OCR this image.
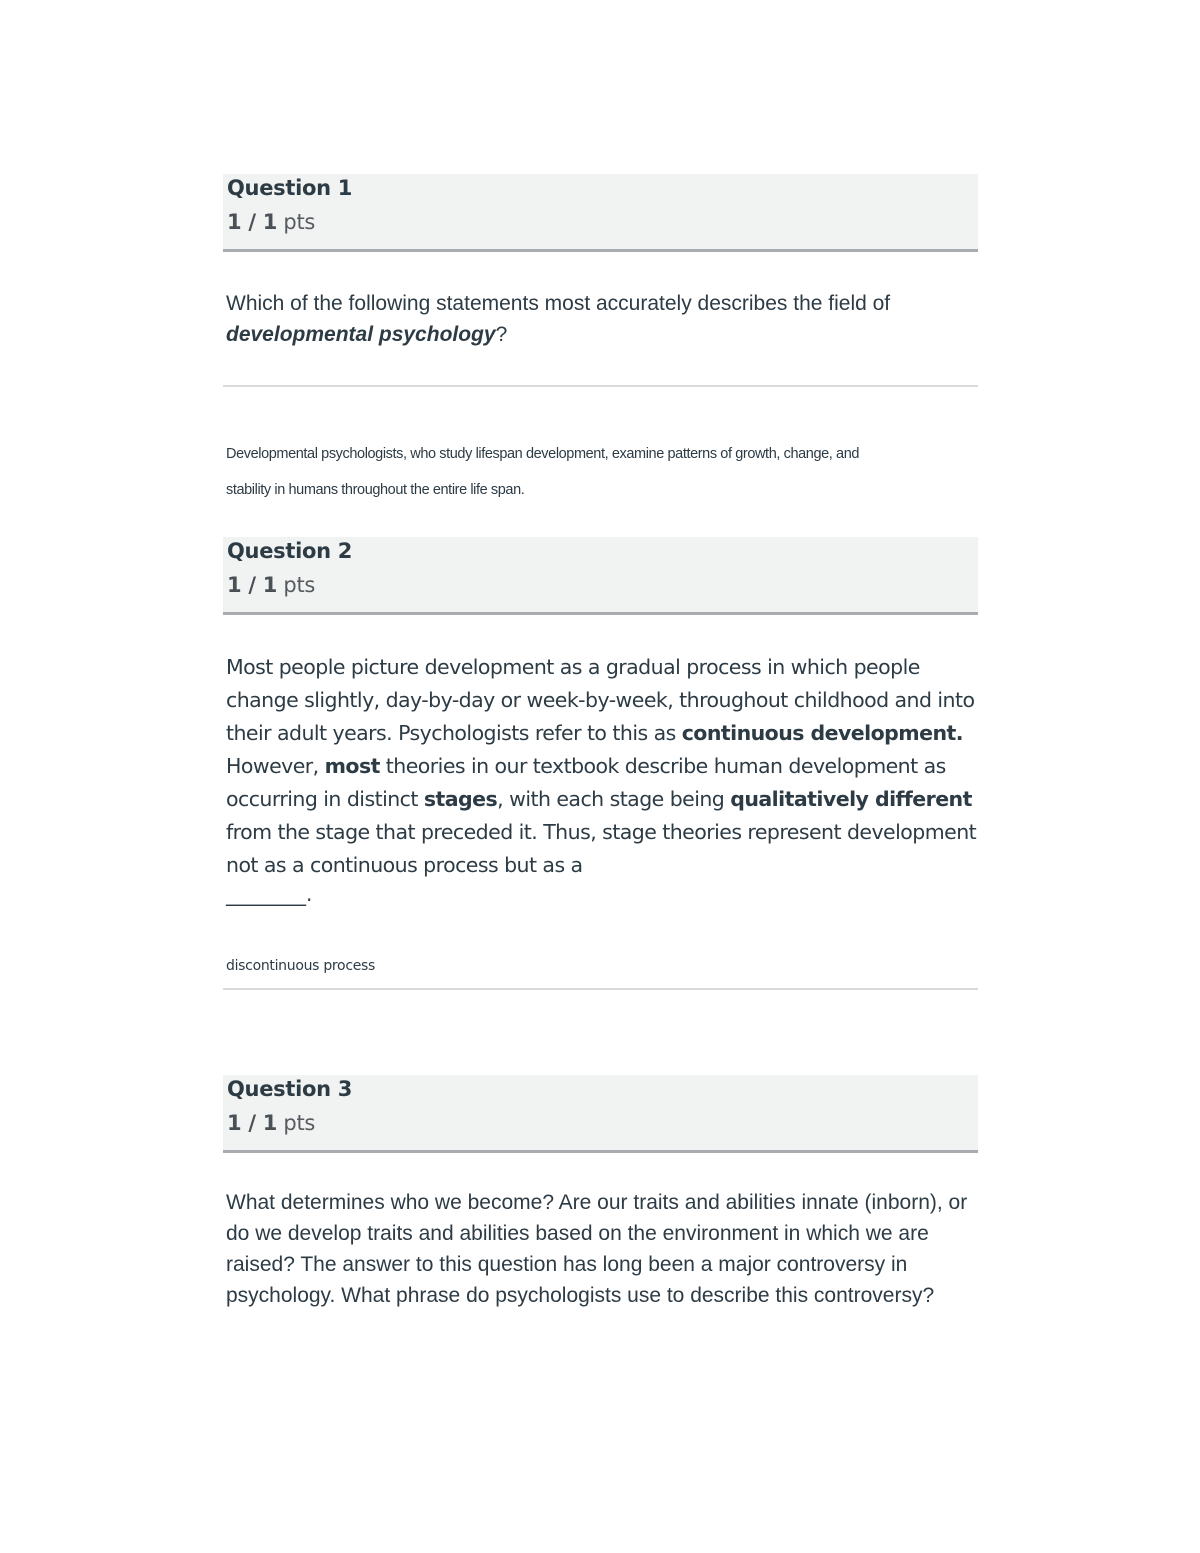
Question 1
1 / 1 pts
Which of the following statements most accurately describes the field of developmental psychology?
Developmental psychologists, who study lifespan development, examine patterns of growth, change, and
stability in humans throughout the entire life span.
Question 2
1 / 1 pts
Most people picture development as a gradual process in which people change slightly, day-by-day or week-by-week, throughout childhood and into their adult years. Psychologists refer to this as continuous development. However, most theories in our textbook describe human development as occurring in distinct stages, with each stage being qualitatively different from the stage that preceded it. Thus, stage theories represent development not as a continuous process but as a
________.
discontinuous process
Question 3
1 / 1 pts
What determines who we become? Are our traits and abilities innate (inborn), or do we develop traits and abilities based on the environment in which we are raised? The answer to this question has long been a major controversy in psychology. What phrase do psychologists use to describe this controversy?
